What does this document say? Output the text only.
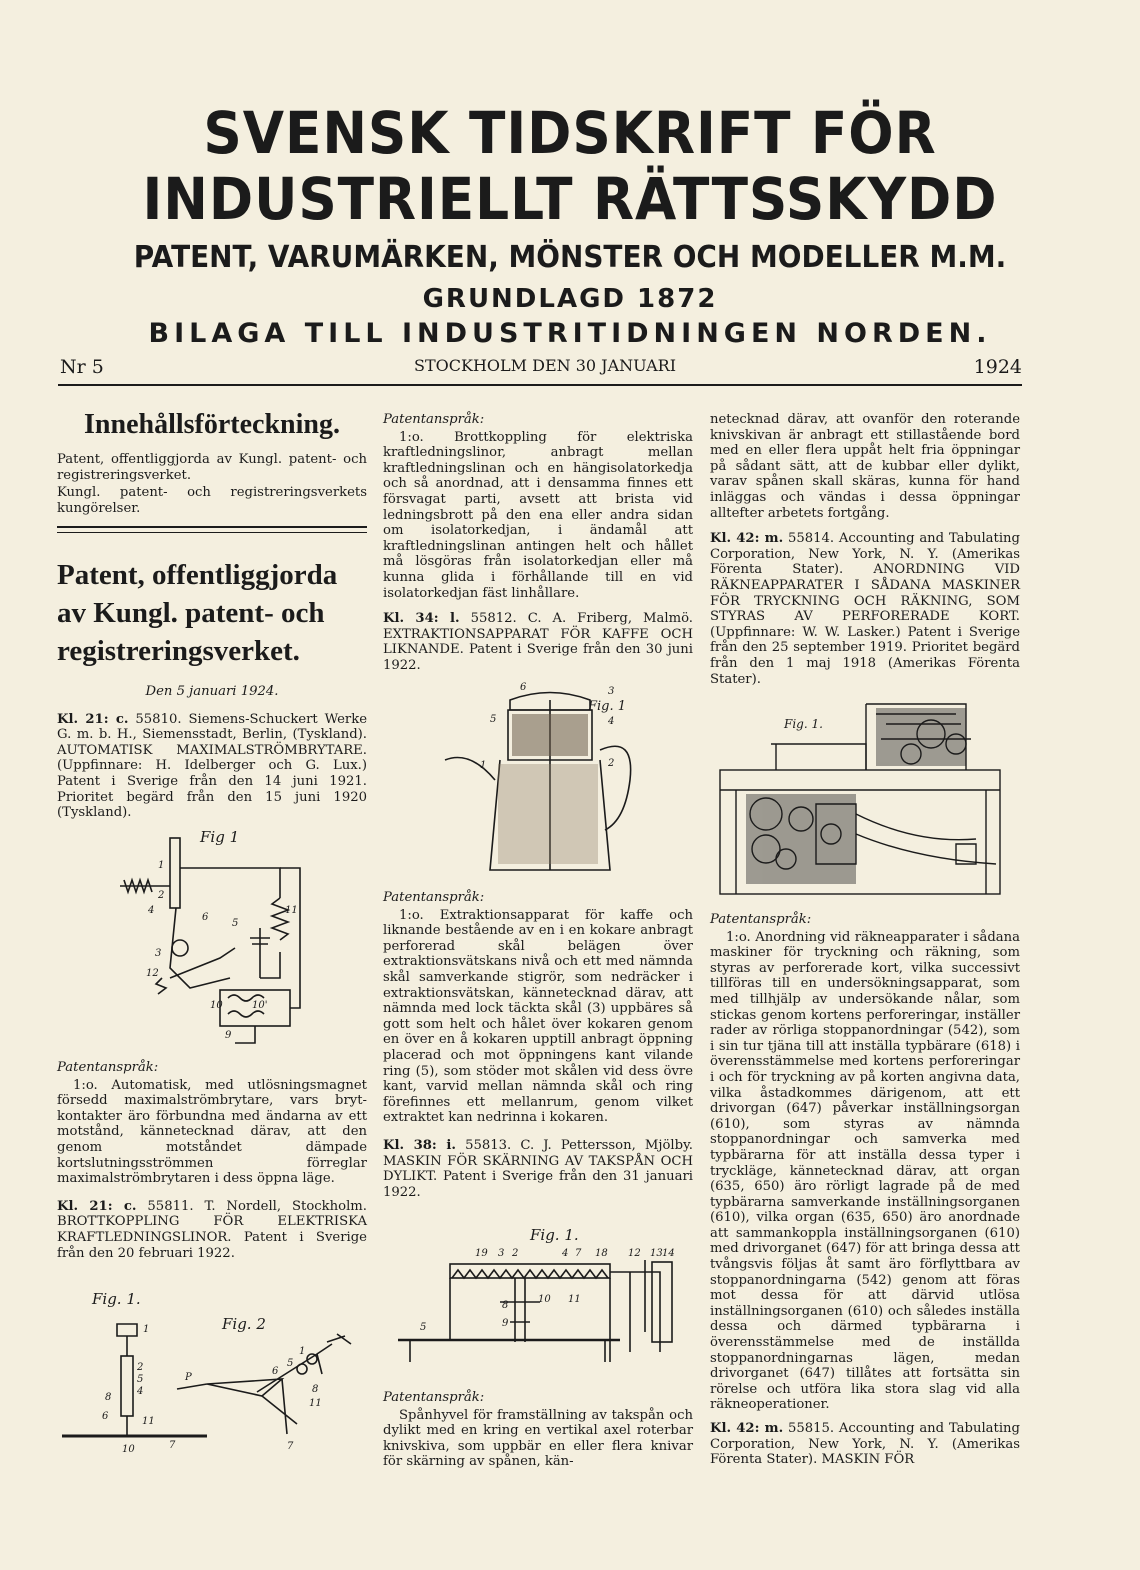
SVENSK TIDSKRIFT FÖR
INDUSTRIELLT RÄTTSSKYDD
PATENT, VARUMÄRKEN, MÖNSTER OCH MODELLER M.M.
GRUNDLAGD 1872
BILAGA TILL INDUSTRITIDNINGEN NORDEN.
Nr 5	STOCKHOLM DEN 30 JANUARI	1924
Innehållsförteckning.

Patent, offentliggjorda av Kungl. patent- och registreringsverket.

Kungl. patent- och registreringsverkets kungörelser.

Patent, offentliggjorda av Kungl. patent- och registreringsverket.

Den 5 januari 1924.

Kl. 21: c. 55810. Siemens-Schuckert Werke G. m. b. H., Siemensstadt, Berlin, (Tyskland). AUTOMATISK MAXIMALSTRÖMBRYTARE. (Uppfinnare: H. Idelberger och G. Lux.) Patent i Sverige från den 14 juni 1921. Prioritet begärd från den 15 juni 1920 (Tyskland).

Fig 1
1
2
4
6
5
11
3
12
10	10'
9

Patentanspråk:

1:o. Automatisk, med utlösningsmagnet försedd maximalströmbrytare, vars bryt-kontakter äro förbundna med ändarna av ett motstånd, kännetecknad därav, att den genom motståndet dämpade kortslutningsströmmen förreglar maximalströmbrytaren i dess öppna läge.

Kl. 21: c. 55811. T. Nordell, Stockholm. BROTTKOPPLING FÖR ELEKTRISKA KRAFTLEDNINGSLINOR. Patent i Sverige från den 20 februari 1922.

Fig. 1.
Fig. 2
1
2
5
4
8
6	11
10	7
P
6
5
1
8
11
7

Patentanspråk:

1:o. Brottkoppling för elektriska kraftledningslinor, anbragt mellan kraftledningslinan och en hängisolatorkedja och så anordnad, att i densamma finnes ett försvagat parti, avsett att brista vid ledningsbrott på den ena eller andra sidan om isolatorkedjan, i ändamål att kraftledningslinan antingen helt och hållet må lösgöras från isolatorkedjan eller må kunna glida i förhållande till en vid isolatorkedjan fäst linhållare.

Kl. 34: l. 55812. C. A. Friberg, Malmö. EXTRAKTIONSAPPARAT FÖR KAFFE OCH LIKNANDE. Patent i Sverige från den 30 juni 1922.

Fig. 1
6	3
5	4
2
1

Patentanspråk:

1:o. Extraktionsapparat för kaffe och liknande bestående av en i en kokare anbragt perforerad skål belägen över extraktionsvätskans nivå och ett med nämnda skål samverkande stigrör, som nedräcker i extraktionsvätskan, kännetecknad därav, att nämnda med lock täckta skål (3) uppbäres så gott som helt och hålet över kokaren genom en över en å kokaren upptill anbragt öppning placerad och mot öppningens kant vilande ring (5), som stöder mot skålen vid dess övre kant, varvid mellan nämnda skål och ring förefinnes ett mellanrum, genom vilket extraktet kan nedrinna i kokaren.

Kl. 38: i. 55813. C. J. Pettersson, Mjölby. MASKIN FÖR SKÄRNING AV TAKSPÅN OCH DYLIKT. Patent i Sverige från den 31 januari 1922.

Fig. 1.
19 3 2	4 7 18 12 13 14
8
10 11
9
5

Patentanspråk:

Spånhyvel för framställning av takspån och dylikt med en kring en vertikal axel roterbar knivskiva, som uppbär en eller flera knivar för skärning av spånen, kän-

netecknad därav, att ovanför den roterande knivskivan är anbragt ett stillastående bord med en eller flera uppåt helt fria öppningar på sådant sätt, att de kubbar eller dylikt, varav spånen skall skäras, kunna för hand inläggas och vändas i dessa öppningar alltefter arbetets fortgång.

Kl. 42: m. 55814. Accounting and Tabulating Corporation, New York, N. Y. (Amerikas Förenta Stater). ANORDNING VID RÄKNEAPPARATER I SÅDANA MASKINER FÖR TRYCKNING OCH RÄKNING, SOM STYRAS AV PERFORERADE KORT. (Uppfinnare: W. W. Lasker.) Patent i Sverige från den 25 september 1919. Prioritet begärd från den 1 maj 1918 (Amerikas Förenta Stater).

Fig. 1.

Patentanspråk:

1:o. Anordning vid räkneapparater i sådana maskiner för tryckning och räkning, som styras av perforerade kort, vilka successivt tillföras till en undersökningsapparat, som med tillhjälp av undersökande nålar, som stickas genom kortens perforeringar, inställer rader av rörliga stoppanordningar (542), som i sin tur tjäna till att inställa typbärare (618) i överensstämmelse med kortens perforeringar i och för tryckning av på korten angivna data, vilka åstadkommes därigenom, att ett drivorgan (647) påverkar inställningsorgan (610), som styras av nämnda stoppanordningar och samverka med typbärarna för att inställa dessa typer i tryckläge, kännetecknad därav, att organ (635, 650) äro rörligt lagrade på de med typbärarna samverkande inställningsorganen (610), vilka organ (635, 650) äro anordnade att sammankoppla inställningsorganen (610) med drivorganet (647) för att bringa dessa att tvångsvis följas åt samt äro förflyttbara av stoppanordningarna (542) genom att föras mot dessa för att därvid utlösa inställningsorganen (610) och således inställa dessa och därmed typbärarna i överensstämmelse med de inställda stoppanordningarnas lägen, medan drivorganet (647) tillåtes att fortsätta sin rörelse och utföra lika stora slag vid alla räkneoperationer.

Kl. 42: m. 55815. Accounting and Tabulating Corporation, New York, N. Y. (Amerikas Förenta Stater). MASKIN FÖR
